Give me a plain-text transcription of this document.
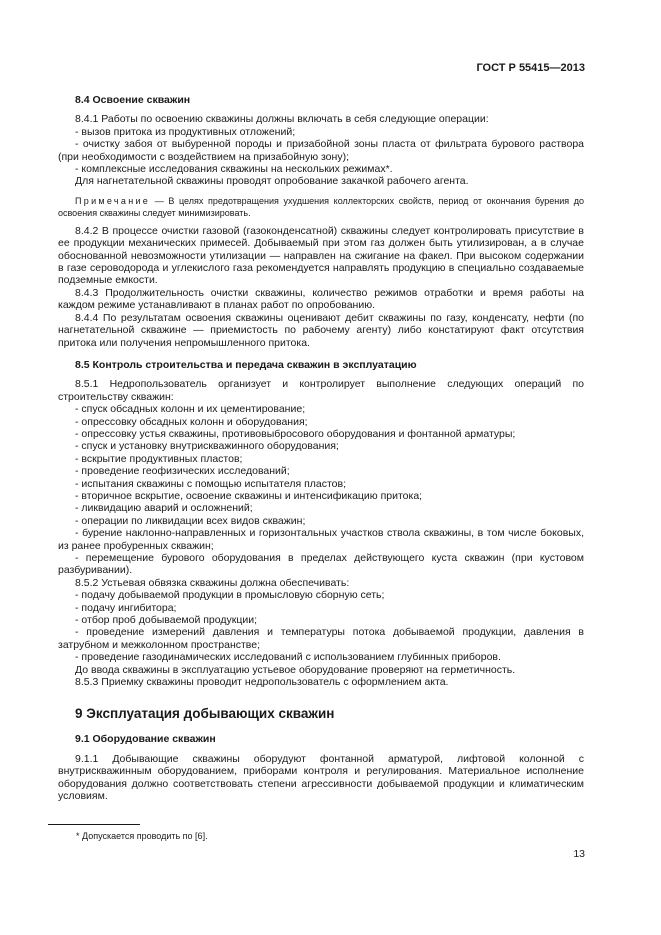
ГОСТ Р 55415—2013

8.4 Освоение скважин

8.4.1 Работы по освоению скважины должны включать в себя следующие операции:

- вызов притока из продуктивных отложений;

- очистку забоя от выбуренной породы и призабойной зоны пласта от фильтрата бурового раствора (при необходимости с воздействием на призабойную зону);

- комплексные исследования скважины на нескольких режимах*.

Для нагнетательной скважины проводят опробование закачкой рабочего агента.

Примечание — В целях предотвращения ухудшения коллекторских свойств, период от окончания бурения до освоения скважины следует минимизировать.

8.4.2 В процессе очистки газовой (газоконденсатной) скважины следует контролировать присутствие в ее продукции механических примесей. Добываемый при этом газ должен быть утилизирован, а в случае обоснованной невозможности утилизации — направлен на сжигание на факел. При высоком содержании в газе сероводорода и углекислого газа рекомендуется направлять продукцию в специально создаваемые подземные емкости.

8.4.3 Продолжительность очистки скважины, количество режимов отработки и время работы на каждом режиме устанавливают в планах работ по опробованию.

8.4.4 По результатам освоения скважины оценивают дебит скважины по газу, конденсату, нефти (по нагнетательной скважине — приемистость по рабочему агенту) либо констатируют факт отсутствия притока или получения непромышленного притока.

8.5 Контроль строительства и передача скважин в эксплуатацию

8.5.1 Недропользователь организует и контролирует выполнение следующих операций по строительству скважин:

- спуск обсадных колонн и их цементирование;

- опрессовку обсадных колонн и оборудования;

- опрессовку устья скважины, противовыбросового оборудования и фонтанной арматуры;

- спуск и установку внутрискважинного оборудования;

- вскрытие продуктивных пластов;

- проведение геофизических исследований;

- испытания скважины с помощью испытателя пластов;

- вторичное вскрытие, освоение скважины и интенсификацию притока;

- ликвидацию аварий и осложнений;

- операции по ликвидации всех видов скважин;

- бурение наклонно-направленных и горизонтальных участков ствола скважины, в том числе боковых, из ранее пробуренных скважин;

- перемещение бурового оборудования в пределах действующего куста скважин (при кустовом разбуривании).

8.5.2 Устьевая обвязка скважины должна обеспечивать:

- подачу добываемой продукции в промысловую сборную сеть;

- подачу ингибитора;

- отбор проб добываемой продукции;

- проведение измерений давления и температуры потока добываемой продукции, давления в затрубном и межколонном пространстве;

- проведение газодинамических исследований с использованием глубинных приборов.

До ввода скважины в эксплуатацию устьевое оборудование проверяют на герметичность.

8.5.3 Приемку скважины проводит недропользователь с оформлением акта.

9 Эксплуатация добывающих скважин

9.1 Оборудование скважин

9.1.1 Добывающие скважины оборудуют фонтанной арматурой, лифтовой колонной с внутрискважинным оборудованием, приборами контроля и регулирования. Материальное исполнение оборудования должно соответствовать степени агрессивности добываемой продукции и климатическим условиям.

* Допускается проводить по [6].
13
